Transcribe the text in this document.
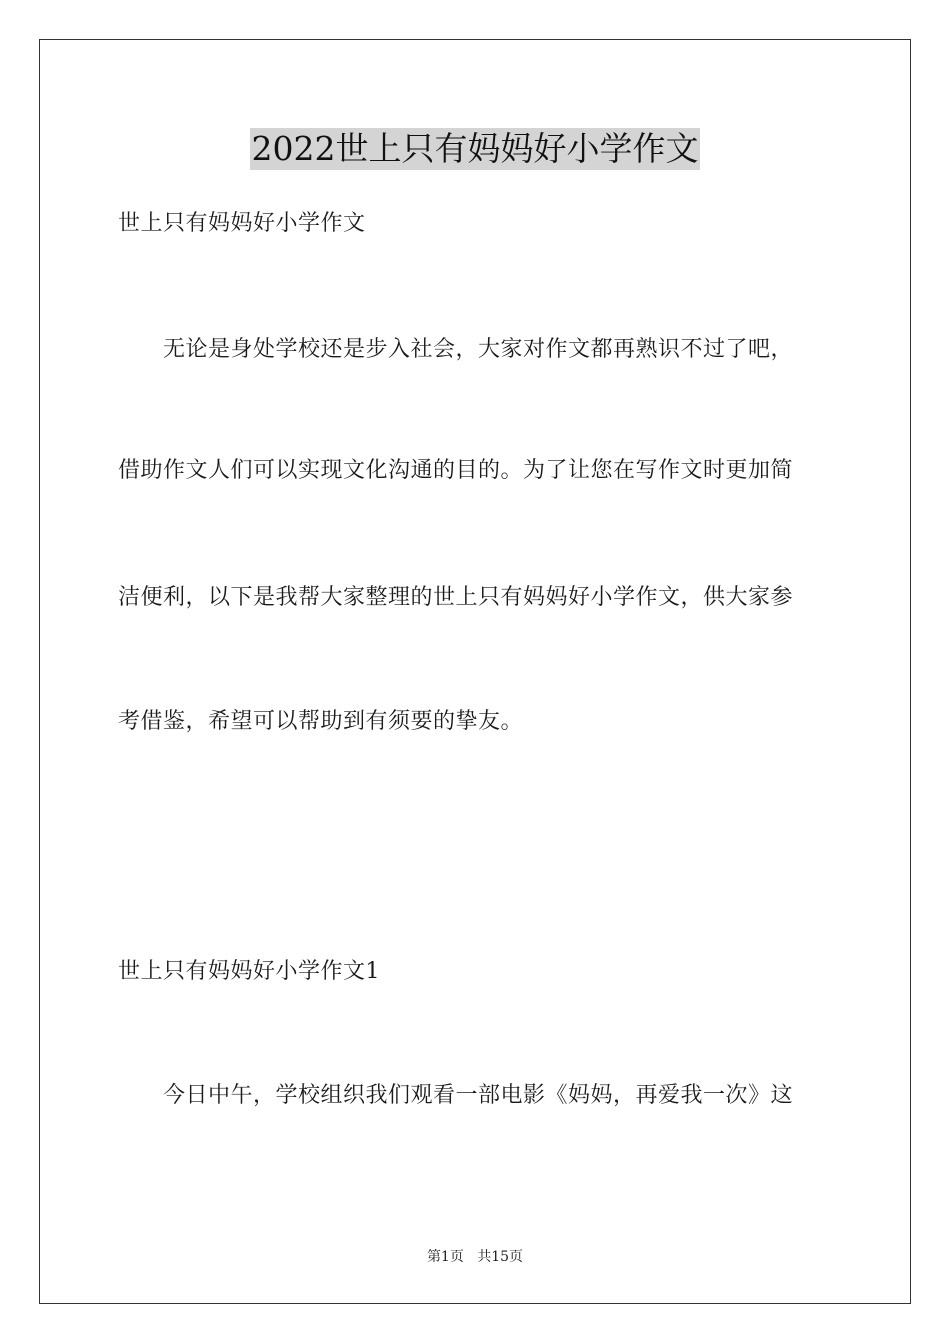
2022世上只有妈妈好小学作文
世上只有妈妈好小学作文
无论是身处学校还是步入社会，大家对作文都再熟识不过了吧，
借助作文人们可以实现文化沟通的目的。为了让您在写作文时更加简
洁便利，以下是我帮大家整理的世上只有妈妈好小学作文，供大家参
考借鉴，希望可以帮助到有须要的挚友。
世上只有妈妈好小学作文1
今日中午，学校组织我们观看一部电影《妈妈，再爱我一次》这
第1页 共15页
